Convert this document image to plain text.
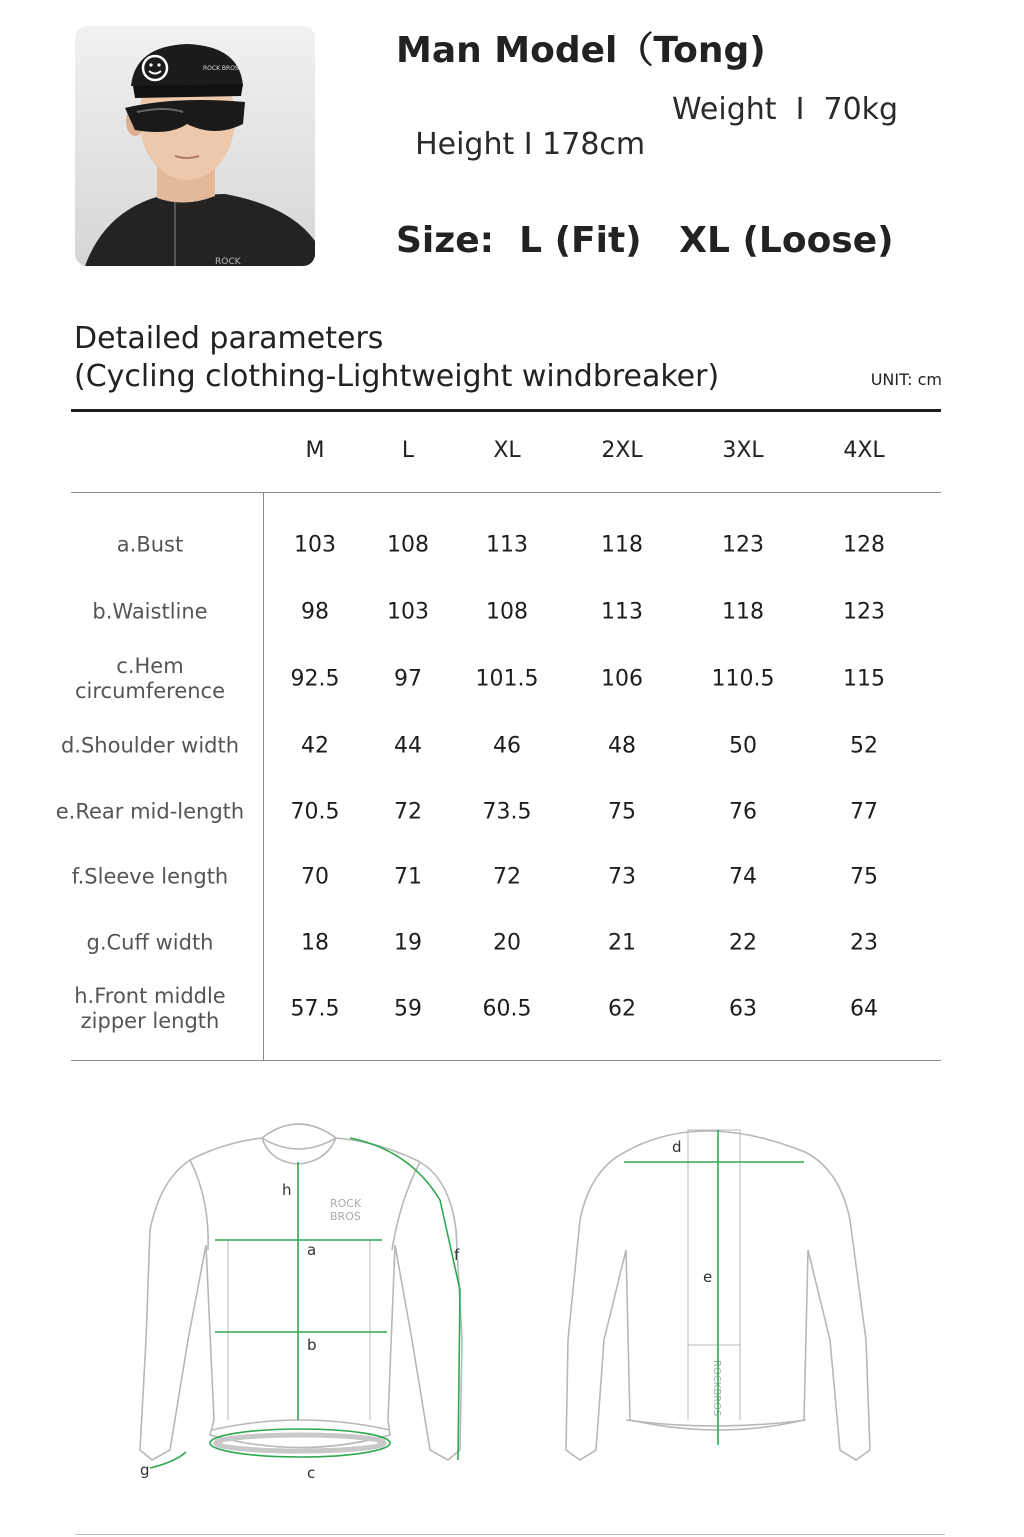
ROCK
ROCK BROS	Man Model（Tong)

Height I 178cm

Weight  I  70kg

Size:  L (Fit)   XL (Loose)
Detailed parameters
(Cycling clothing-Lightweight windbreaker)	UNIT: cm
M	L	XL	2XL	3XL	4XL
a.Bust	103 108	113	118	123	128
b.Waistline	98	103	108	113	118	123
c.Hem
circumference	92.5 97 101.5	106	110.5	115
d.Shoulder width	42	44	46	48	50	52
e.Rear mid-length	70.5 72	73.5	75	76	77
f.Sleeve length	70	71	72	73	74	75
g.Cuff width	18	19	20	21	22	23
h.Front middle
zipper length	57.5 59	60.5	62	63	64
ROCK
BROS
h
a
b
c
f
g
ROCKBROS
d
e
